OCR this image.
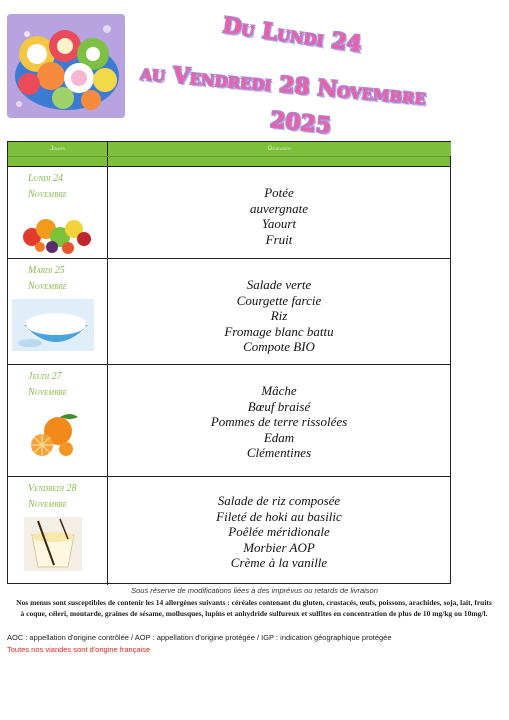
Du Lundi 24
au Vendredi 28 Novembre
2025
Jours	Déjeuner
Lundi 24
Novembre	Potée
auvergnate
Yaourt
Fruit
Mardi 25
Novembre	Salade verte
Courgette farcie
Riz
Fromage blanc battu
Compote BIO
Jeudi 27
Novembre	Mâche
Bœuf braisé
Pommes de terre rissolées
Edam
Clémentines
Vendredi 28
Novembre	Salade de riz composée
Fileté de hoki au basilic
Poêlée méridionale
Morbier AOP
Crème à la vanille
Sous réserve de modifications liées à des imprévus ou retards de livraison
Nos menus sont susceptibles de contenir les 14 allergènes suivants : céréales contenant du gluten, crustacés, œufs, poissons, arachides, soja, lait, fruits à coque, céleri, moutarde, graines de sésame, mollusques, lupins et anhydride sulfureux et sulfites en concentration de plus de 10 mg/kg ou 10mg/l.
AOC : appellation d'origine contrôlée / AOP : appellation d'origine protégée / IGP : indication géographique protégée
Toutes nos viandes sont d'origine française
